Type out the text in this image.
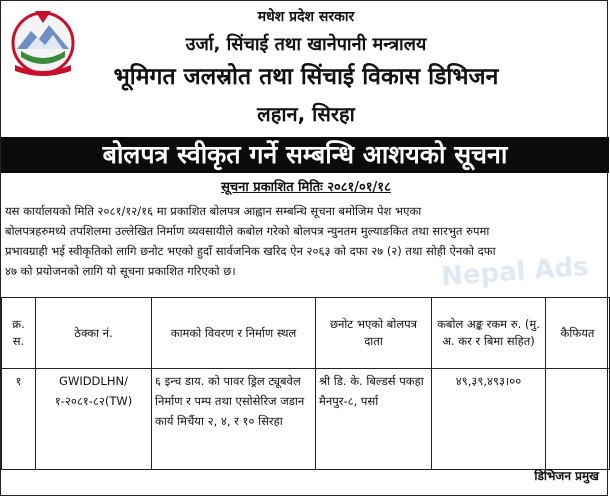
मधेश प्रदेश सरकार
उर्जा, सिंचाई तथा खानेपानी मन्त्रालय
भूमिगत जलस्रोत तथा सिंचाई विकास डिभिजन
लहान, सिरहा
बोलपत्र स्वीकृत गर्ने सम्बन्धि आशयको सूचना
सूचना प्रकाशित मितिः २०८१/०१/१८
Nepal Ads
यस कार्यालयको मिति २०८१/१२/१६ मा प्रकाशित बोलपत्र आह्वान सम्बन्धि सूचना बमोजिम पेश भएका
बोलपत्रहरुमध्ये तपशिलमा उल्लेखित निर्माण व्यवसायीले कबोल गरेको बोलपत्र न्युनतम मुल्याङकित तथा सारभुत रुपमा
प्रभावग्राही भई स्वीकृतिको लागि छनोट भएको हुदाँ सार्वजनिक खरिद ऐन २०६३ को दफा २७ (२) तथा सोही ऐनको दफा
४७ को प्रयोजनको लागि यो सूचना प्रकाशित गरिएको छ।
क्र. स.	ठेक्का नं.	कामको विवरण र निर्माण स्थल	छनोट भएको बोलपत्र दाता	कबोल अङ्क रकम रु. (मु. अ. कर र बिमा सहित)	कैफियत
१	GWIDDLHN/१-२०८१-८२(TW)	६ इन्च डाय. को पावर ड्रिल ट्यूबवेल निर्माण र पम्प तथा एसोसेरिज जडान कार्य मिर्चैया २, ४, र १० सिरहा	श्री डि. के. बिल्डर्स पकहा मैनपुर-८, पर्सा	४९,३९,४९३।००	
डिभिजन प्रमुख
